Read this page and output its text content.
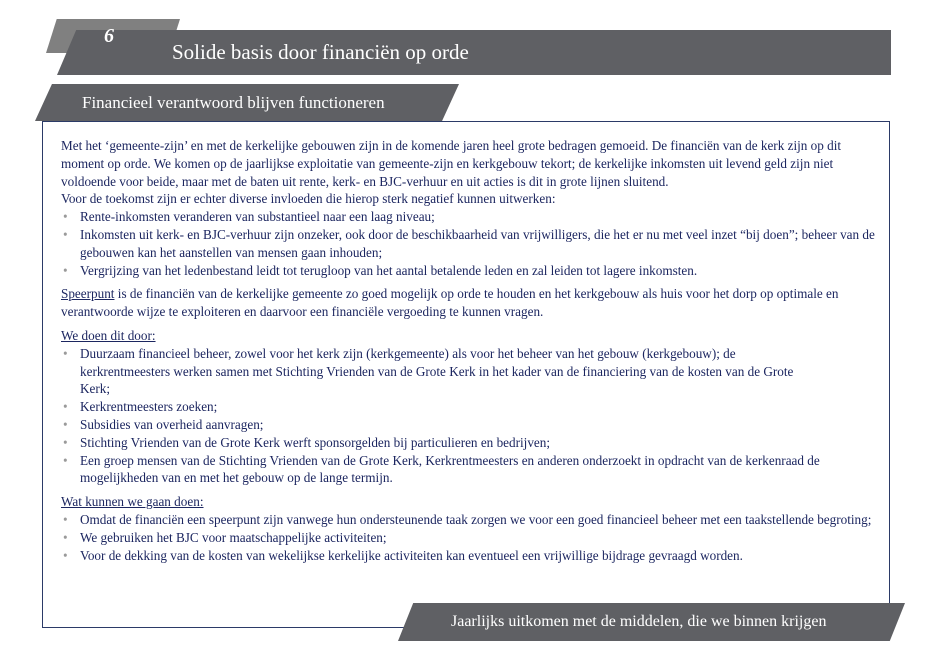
6
Solide basis door financiën op orde
Financieel verantwoord blijven functioneren

Met het ‘gemeente-zijn’ en met de kerkelijke gebouwen zijn in de komende jaren heel grote bedragen gemoeid. De financiën van de kerk zijn op dit moment op orde. We komen op de jaarlijkse exploitatie van gemeente-zijn en kerkgebouw tekort; de kerkelijke inkomsten uit levend geld zijn niet voldoende voor beide, maar met de baten uit rente, kerk- en BJC-verhuur en uit acties is dit in grote lijnen sluitend.

Voor de toekomst zijn er echter diverse invloeden die hierop sterk negatief kunnen uitwerken:

• Rente-inkomsten veranderen van substantieel naar een laag niveau;
• Inkomsten uit kerk- en BJC-verhuur zijn onzeker, ook door de beschikbaarheid van vrijwilligers, die het er nu met veel inzet “bij doen”; beheer van de gebouwen kan het aanstellen van mensen gaan inhouden;
• Vergrijzing van het ledenbestand leidt tot terugloop van het aantal betalende leden en zal leiden tot lagere inkomsten.

Speerpunt is de financiën van de kerkelijke gemeente zo goed mogelijk op orde te houden en het kerkgebouw als huis voor het dorp op optimale en verantwoorde wijze te exploiteren en daarvoor een financiële vergoeding te kunnen vragen.

We doen dit door:

• Duurzaam financieel beheer, zowel voor het kerk zijn (kerkgemeente) als voor het beheer van het gebouw (kerkgebouw); de kerkrentmeesters werken samen met Stichting Vrienden van de Grote Kerk in het kader van de financiering van de kosten van de Grote Kerk;
• Kerkrentmeesters zoeken;
• Subsidies van overheid aanvragen;
• Stichting Vrienden van de Grote Kerk werft sponsorgelden bij particulieren en bedrijven;
• Een groep mensen van de Stichting Vrienden van de Grote Kerk, Kerkrentmeesters en anderen onderzoekt in opdracht van de kerkenraad de mogelijkheden van en met het gebouw op de lange termijn.

Wat kunnen we gaan doen:

• Omdat de financiën een speerpunt zijn vanwege hun ondersteunende taak zorgen we voor een goed financieel beheer met een taakstellende begroting;
• We gebruiken het BJC voor maatschappelijke activiteiten;
• Voor de dekking van de kosten van wekelijkse kerkelijke activiteiten kan eventueel een vrijwillige bijdrage gevraagd worden.
Jaarlijks uitkomen met de middelen, die we binnen krijgen
